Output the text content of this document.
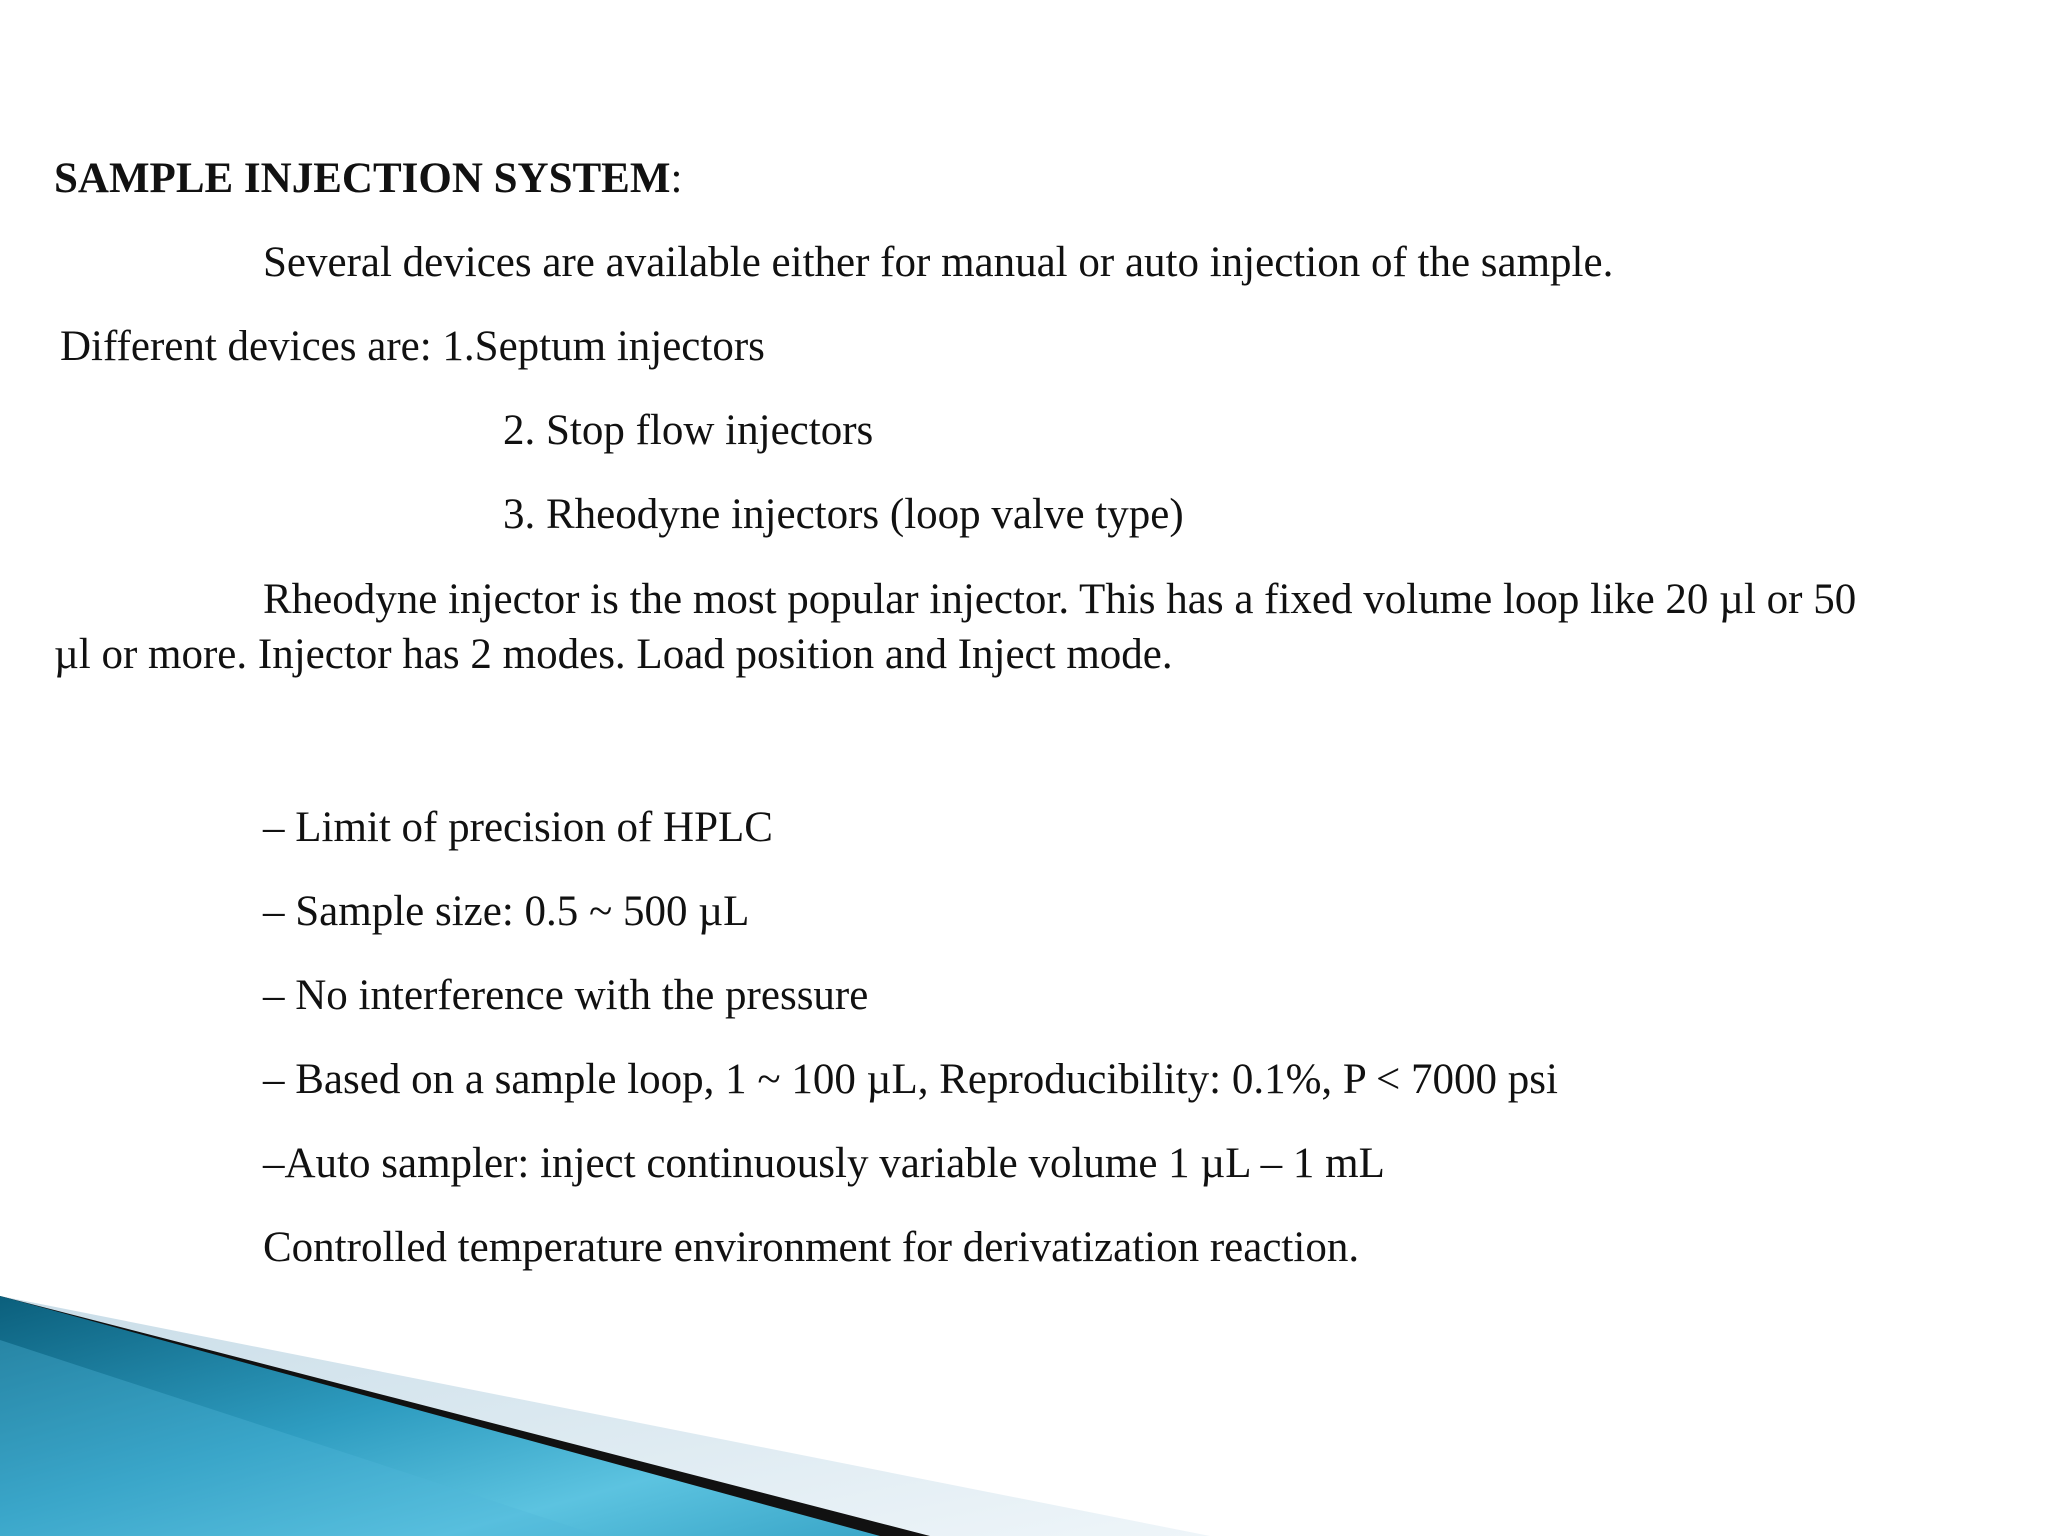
SAMPLE INJECTION SYSTEM:
Several devices are available either for manual or auto injection of the sample.
Different devices are: 1.Septum injectors
2. Stop flow injectors
3. Rheodyne injectors (loop valve type)
Rheodyne injector is the most popular injector. This has a fixed volume loop like 20 µl or 50
µl or more. Injector has 2 modes. Load position and Inject mode.
– Limit of precision of HPLC
– Sample size: 0.5 ~ 500 µL
– No interference with the pressure
– Based on a sample loop, 1 ~ 100 µL, Reproducibility: 0.1%, P < 7000 psi
–Auto sampler: inject continuously variable volume 1 µL – 1 mL
Controlled temperature environment for derivatization reaction.
